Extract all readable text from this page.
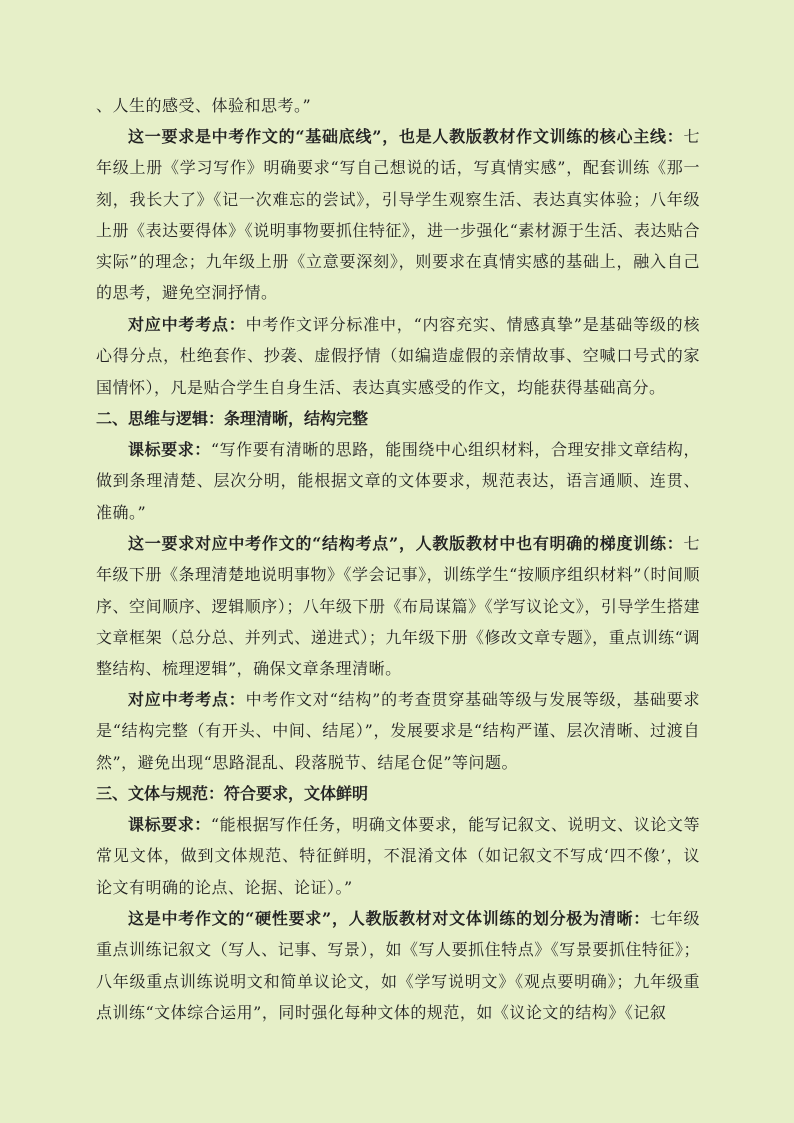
、人生的感受、体验和思考。”

这一要求是中考作文的“基础底线”，也是人教版教材作文训练的核心主线：七年级上册《学习写作》明确要求“写自己想说的话，写真情实感”，配套训练《那一刻，我长大了》《记一次难忘的尝试》，引导学生观察生活、表达真实体验；八年级上册《表达要得体》《说明事物要抓住特征》，进一步强化“素材源于生活、表达贴合实际”的理念；九年级上册《立意要深刻》，则要求在真情实感的基础上，融入自己的思考，避免空洞抒情。

对应中考考点：中考作文评分标准中，“内容充实、情感真挚”是基础等级的核心得分点，杜绝套作、抄袭、虚假抒情（如编造虚假的亲情故事、空喊口号式的家国情怀），凡是贴合学生自身生活、表达真实感受的作文，均能获得基础高分。

二、思维与逻辑：条理清晰，结构完整

课标要求：“写作要有清晰的思路，能围绕中心组织材料，合理安排文章结构，做到条理清楚、层次分明，能根据文章的文体要求，规范表达，语言通顺、连贯、准确。”

这一要求对应中考作文的“结构考点”，人教版教材中也有明确的梯度训练：七年级下册《条理清楚地说明事物》《学会记事》，训练学生“按顺序组织材料”（时间顺序、空间顺序、逻辑顺序）；八年级下册《布局谋篇》《学写议论文》，引导学生搭建文章框架（总分总、并列式、递进式）；九年级下册《修改文章专题》，重点训练“调整结构、梳理逻辑”，确保文章条理清晰。

对应中考考点：中考作文对“结构”的考查贯穿基础等级与发展等级，基础要求是“结构完整（有开头、中间、结尾）”，发展要求是“结构严谨、层次清晰、过渡自然”，避免出现“思路混乱、段落脱节、结尾仓促”等问题。

三、文体与规范：符合要求，文体鲜明

课标要求：“能根据写作任务，明确文体要求，能写记叙文、说明文、议论文等常见文体，做到文体规范、特征鲜明，不混淆文体（如记叙文不写成‘四不像’，议论文有明确的论点、论据、论证）。”

这是中考作文的“硬性要求”，人教版教材对文体训练的划分极为清晰：七年级重点训练记叙文（写人、记事、写景），如《写人要抓住特点》《写景要抓住特征》；八年级重点训练说明文和简单议论文，如《学写说明文》《观点要明确》；九年级重点训练“文体综合运用”，同时强化每种文体的规范，如《议论文的结构》《记叙
